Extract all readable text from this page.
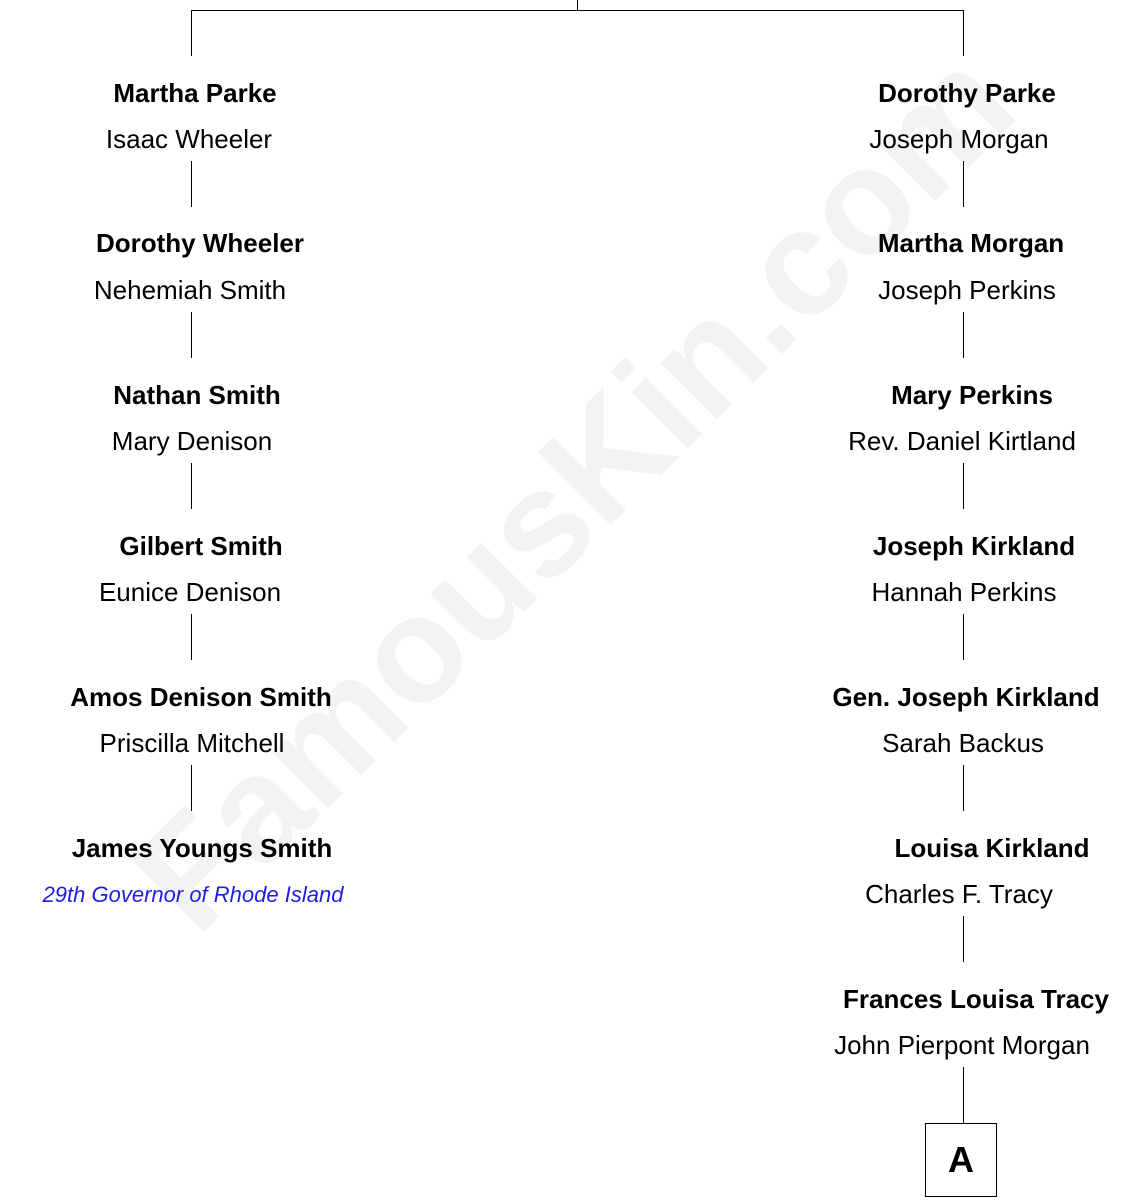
Martha Parke
Isaac Wheeler
Dorothy Wheeler
Nehemiah Smith
Nathan Smith
Mary Denison
Gilbert Smith
Eunice Denison
Amos Denison Smith
Priscilla Mitchell
James Youngs Smith
29th Governor of Rhode Island
Dorothy Parke
Joseph Morgan
Martha Morgan
Joseph Perkins
Mary Perkins
Rev. Daniel Kirtland
Joseph Kirkland
Hannah Perkins
Gen. Joseph Kirkland
Sarah Backus
Louisa Kirkland
Charles F. Tracy
Frances Louisa Tracy
John Pierpont Morgan
A
